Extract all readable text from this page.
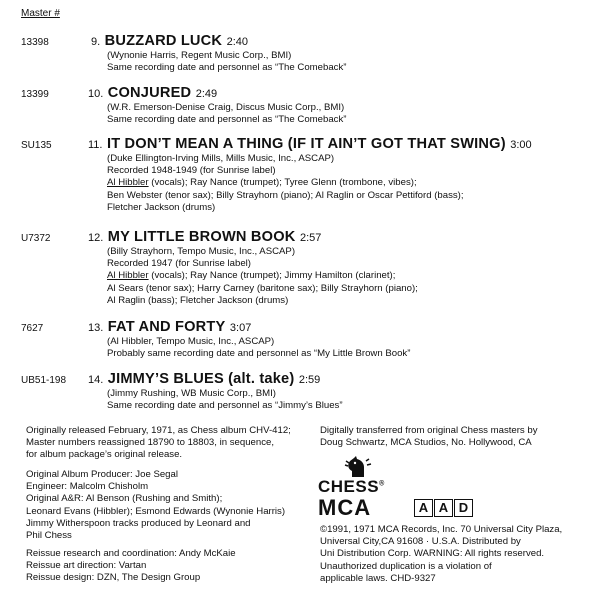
Master #
13398	9. BUZZARD LUCK 2:40
(Wynonie Harris, Regent Music Corp., BMI)
Same recording date and personnel as “The Comeback”
13399	10. CONJURED 2:49
(W.R. Emerson-Denise Craig, Discus Music Corp., BMI)
Same recording date and personnel as “The Comeback”
SU135	11. IT DON’T MEAN A THING (IF IT AIN’T GOT THAT SWING) 3:00
(Duke Ellington-Irving Mills, Mills Music, Inc., ASCAP)
Recorded 1948-1949 (for Sunrise label)
Al Hibbler (vocals); Ray Nance (trumpet); Tyree Glenn (trombone, vibes);
Ben Webster (tenor sax); Billy Strayhorn (piano); Al Raglin or Oscar Pettiford (bass);
Fletcher Jackson (drums)
U7372	12. MY LITTLE BROWN BOOK 2:57
(Billy Strayhorn, Tempo Music, Inc., ASCAP)
Recorded 1947 (for Sunrise label)
Al Hibbler (vocals); Ray Nance (trumpet); Jimmy Hamilton (clarinet);
Al Sears (tenor sax); Harry Carney (baritone sax); Billy Strayhorn (piano);
Al Raglin (bass); Fletcher Jackson (drums)
7627	13. FAT AND FORTY 3:07
(Al Hibbler, Tempo Music, Inc., ASCAP)
Probably same recording date and personnel as “My Little Brown Book”
UB51-198 14. JIMMY’S BLUES (alt. take) 2:59
(Jimmy Rushing, WB Music Corp., BMI)
Same recording date and personnel as “Jimmy’s Blues”
Originally released February, 1971, as Chess album CHV-412;
Master numbers reassigned 18790 to 18803, in sequence,
for album package’s original release.
Original Album Producer: Joe Segal
Engineer: Malcolm Chisholm
Original A&R: Al Benson (Rushing and Smith);
Leonard Evans (Hibbler); Esmond Edwards (Wynonie Harris)
Jimmy Witherspoon tracks produced by Leonard and
Phil Chess
Reissue research and coordination: Andy McKaie
Reissue art direction: Vartan
Reissue design: DZN, The Design Group
Digitally transferred from original Chess masters by
Doug Schwartz, MCA Studios, No. Hollywood, CA
CHESS®
MCA	A A D
©1991, 1971 MCA Records, Inc. 70 Universal City Plaza,
Universal City,CA 91608 · U.S.A. Distributed by
Uni Distribution Corp. WARNING: All rights reserved.
Unauthorized duplication is a violation of
applicable laws. CHD-9327
